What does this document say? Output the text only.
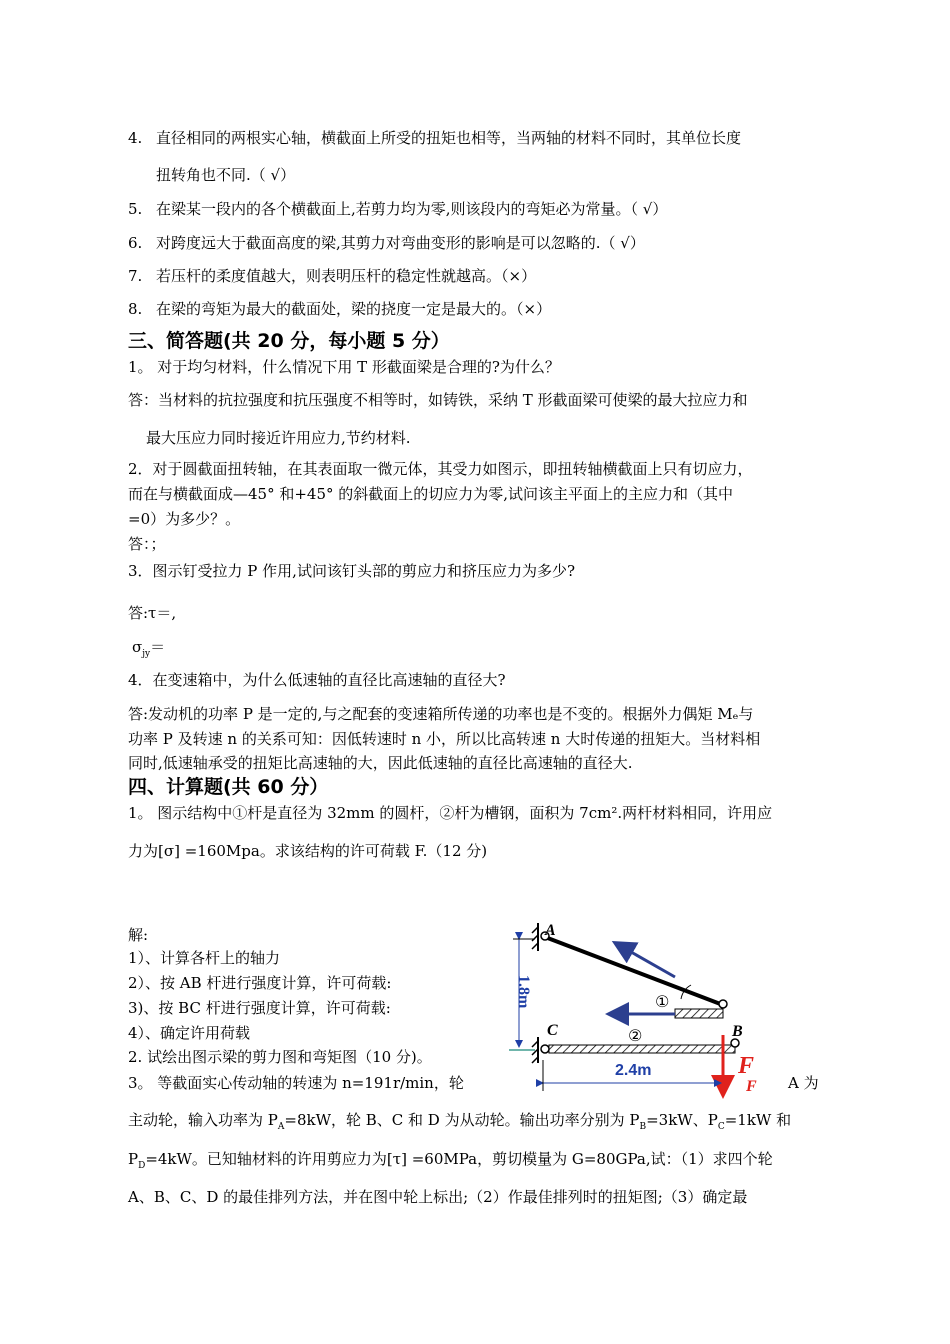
4. 直径相同的两根实心轴，横截面上所受的扭矩也相等，当两轴的材料不同时，其单位长度
扭转角也不同.（ √）
5. 在梁某一段内的各个横截面上,若剪力均为零,则该段内的弯矩必为常量。（ √）
6. 对跨度远大于截面高度的梁,其剪力对弯曲变形的影响是可以忽略的.（ √）
7. 若压杆的柔度值越大，则表明压杆的稳定性就越高。（×）
8. 在梁的弯矩为最大的截面处，梁的挠度一定是最大的。（×）
三、简答题(共 20 分，每小题 5 分）
1。 对于均匀材料，什么情况下用 T 形截面梁是合理的?为什么？
答：当材料的抗拉强度和抗压强度不相等时，如铸铁，采纳 T 形截面梁可使梁的最大拉应力和
最大压应力同时接近许用应力,节约材料.
2．对于圆截面扭转轴，在其表面取一微元体，其受力如图示，即扭转轴横截面上只有切应力，
而在与横截面成—45° 和+45° 的斜截面上的切应力为零,试问该主平面上的主应力和（其中
=0）为多少？。
答：；
3．图示钉受拉力 P 作用,试问该钉头部的剪应力和挤压应力为多少?
答:τ＝,
$\sigma_{jy}=$
4．在变速箱中，为什么低速轴的直径比高速轴的直径大?
答:发动机的功率 P 是一定的,与之配套的变速箱所传递的功率也是不变的。根据外力偶矩 Mₑ与
功率 P 及转速 n 的关系可知：因低转速时 n 小，所以比高转速 n 大时传递的扭矩大。当材料相
同时,低速轴承受的扭矩比高速轴的大，因此低速轴的直径比高速轴的直径大.
四、计算题(共 60 分）
1。 图示结构中①杆是直径为 32mm 的圆杆，②杆为槽钢，面积为 7cm².两杆材料相同，许用应
力为[σ] =160Mpa。求该结构的许可荷载 F.（12 分)
解:
1）、计算各杆上的轴力
2）、按 AB 杆进行强度计算，许可荷载:
3)、按 BC 杆进行强度计算，许可荷载:
4）、确定许用荷载
2. 试绘出图示梁的剪力图和弯矩图（10 分)。
3。 等截面实心传动轴的转速为 n=191r/min，轮	A 为
主动轮，输入功率为 $P_A=8kW$，轮 B、C 和 D 为从动轮。输出功率分别为 $P_B=3kW$、$P_C=1kW$ 和
$P_D=4kW$。已知轴材料的许用剪应力为[τ] =60MPa，剪切模量为 G=80GPa,试：（1）求四个轮
A、B、C、D 的最佳排列方法，并在图中轮上标出;（2）作最佳排列时的扭矩图;（3）确定最
A
C	B
F
F
①
②
1.8m
2.4m
